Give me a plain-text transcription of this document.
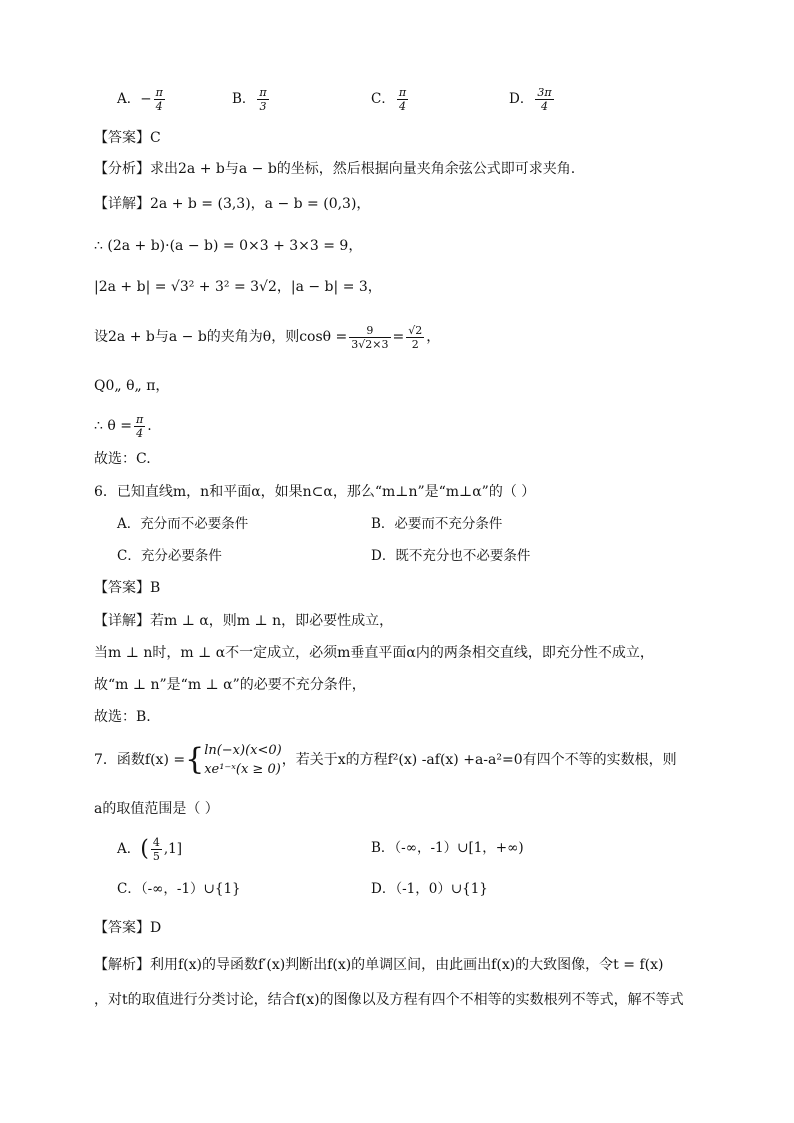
A．− $\frac{\pi}{4}$	B． $\frac{\pi}{3}$	C． $\frac{\pi}{4}$	D． $\frac{3\pi}{4}$
【答案】C
【分析】求出2a + b与a − b的坐标，然后根据向量夹角余弦公式即可求夹角.
【详解】2a + b = (3,3)，a − b = (0,3)，
∴ (2a + b)·(a − b) = 0×3 + 3×3 = 9，
|2a + b| = √3² + 3² = 3√2，|a − b| = 3，
设2a + b与a − b的夹角为θ，则$\cos\theta = \frac{9}{3√2\times 3} = \frac{√2}{2}$ ，
Q0„ θ„ π，
∴ $\theta = \frac{\pi}{4}$ .
故选：C.
6．已知直线m，n和平面α，如果n⊂α，那么“m⊥n”是“m⊥α”的（ ）
A．充分而不必要条件	B．必要而不充分条件
C．充分必要条件	D．既不充分也不必要条件
【答案】B
【详解】若m ⊥ α，则m ⊥ n，即必要性成立，
当m ⊥ n时，m ⊥ α不一定成立，必须m垂直平面α内的两条相交直线，即充分性不成立，
故“m ⊥ n”是“m ⊥ α”的必要不充分条件，
故选：B.
7．函数f(x) ={ ln(−x)(x<0)
xe¹⁻ˣ(x ≥ 0)
，若关于x的方程f²(x) -af(x) +a-a²=0有四个不等的实数根，则
a的取值范围是（ ）
A．( $\frac{4}{5} ,1$]	B．（-∞，-1）∪[1，+∞)
C．（-∞，-1）∪{1}	D．（-1，0）∪{1}
【答案】D
【解析】利用f(x)的导函数f′(x)判断出f(x)的单调区间，由此画出f(x)的大致图像，令t = f(x)
，对t的取值进行分类讨论，结合f(x)的图像以及方程有四个不相等的实数根列不等式，解不等式
